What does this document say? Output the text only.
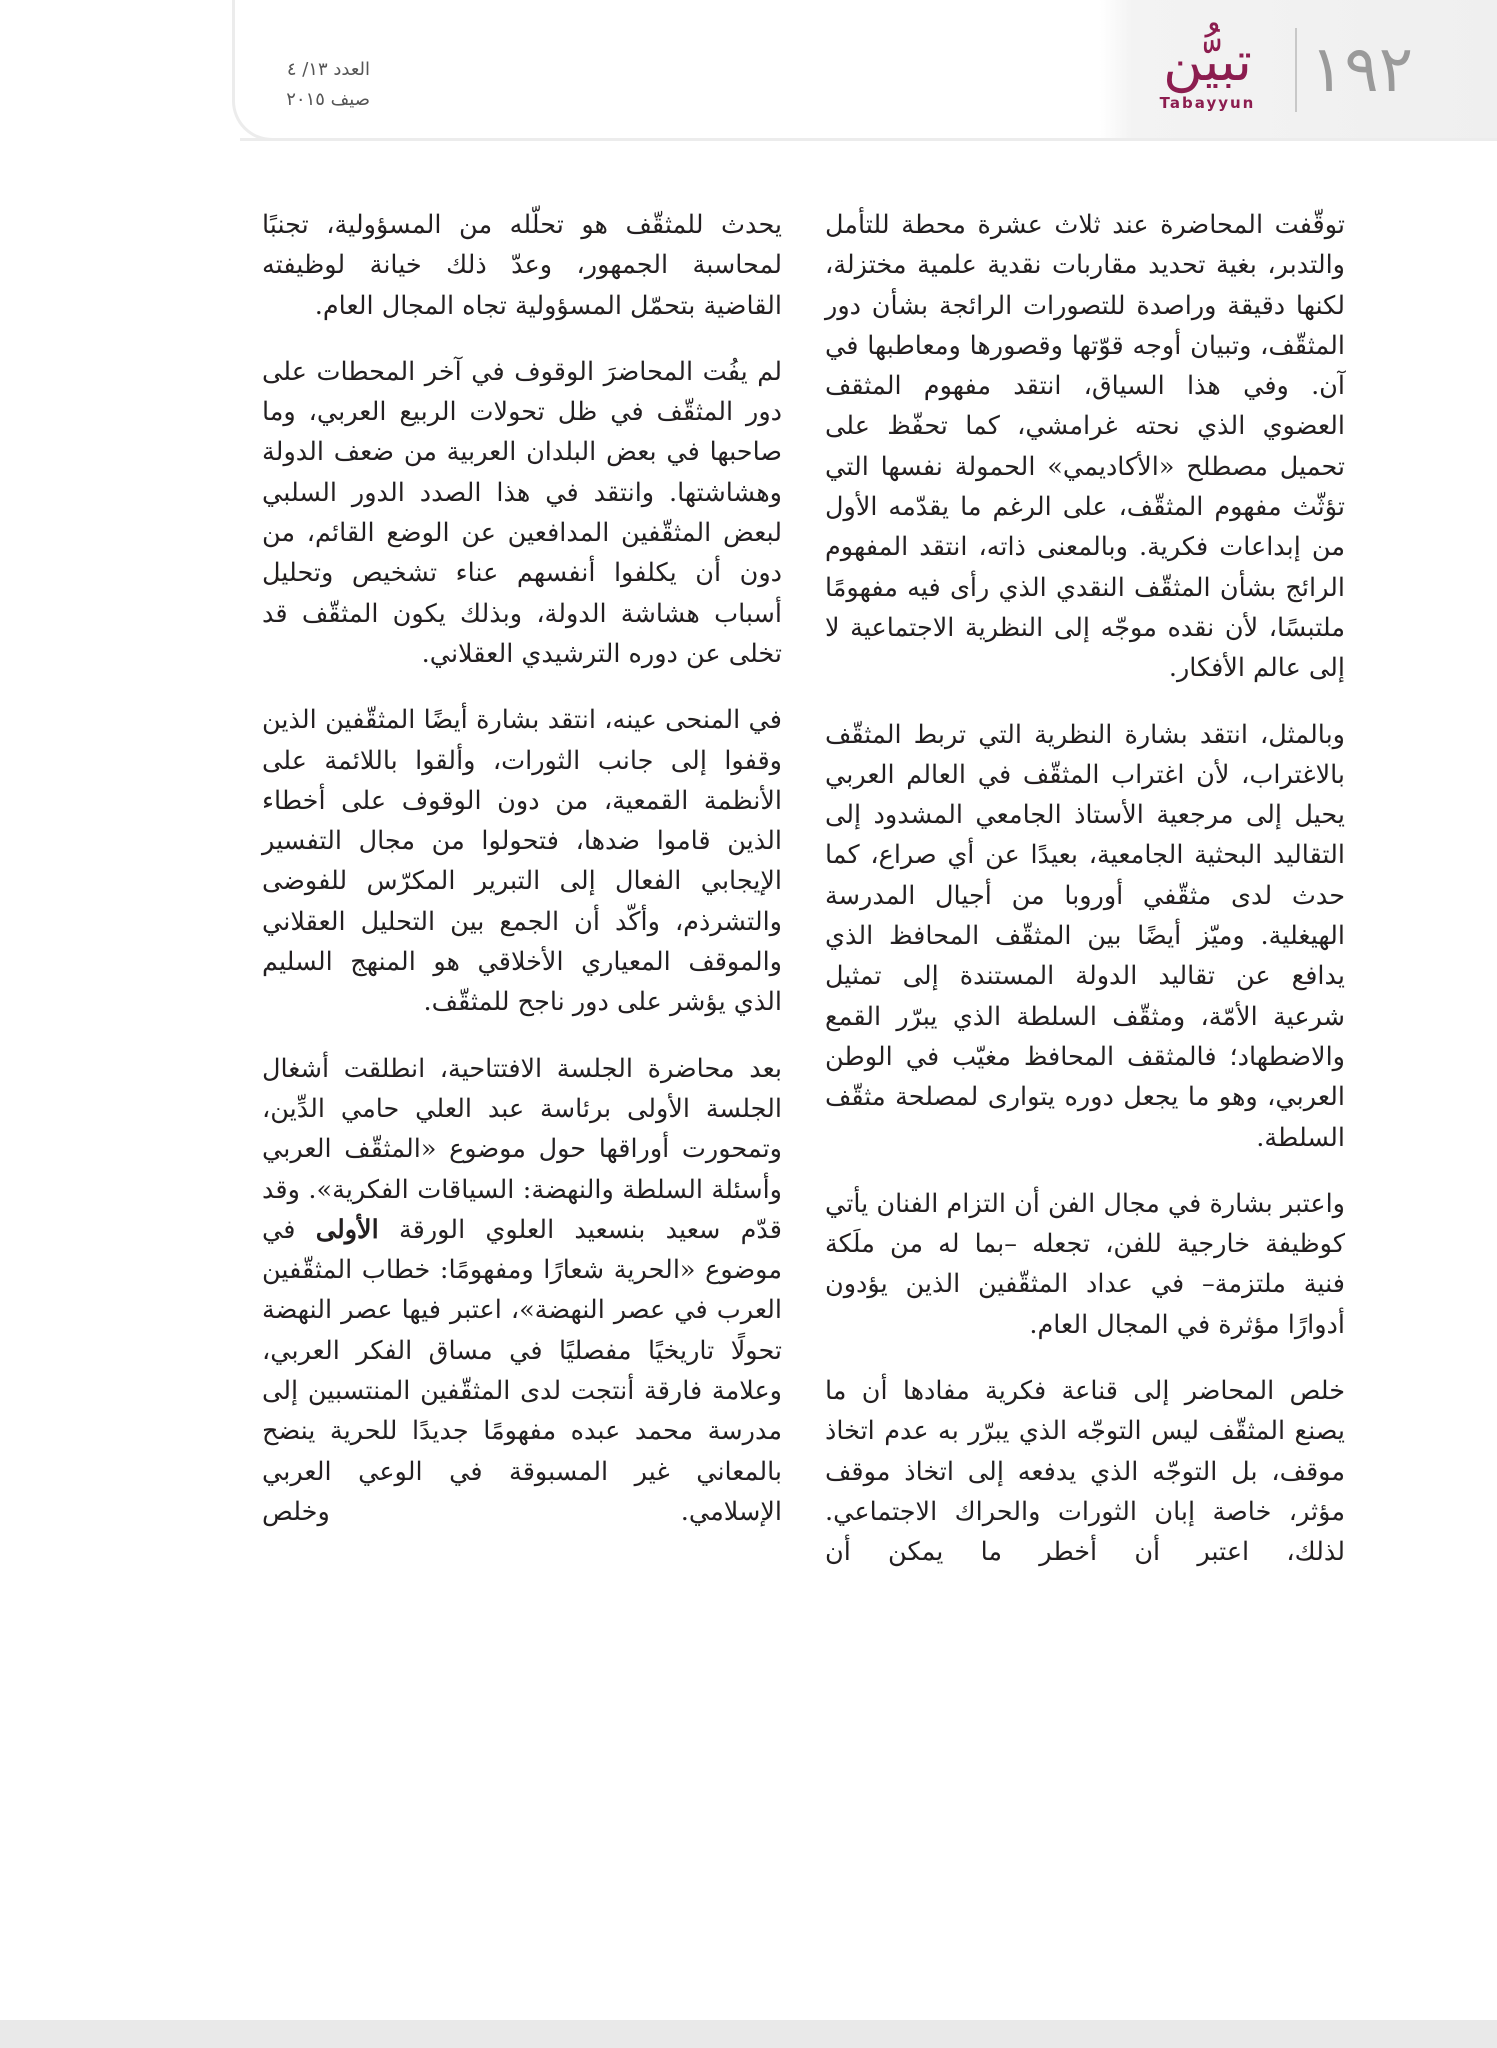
١٩٢
تبيُّن
Tabayyun
العدد ١٣/ ٤
صيف ٢٠١٥

توقّفت المحاضرة عند ثلاث عشرة محطة للتأمل والتدبر، بغية تحديد مقاربات نقدية علمية مختزلة، لكنها دقيقة وراصدة للتصورات الرائجة بشأن دور المثقّف، وتبيان أوجه قوّتها وقصورها ومعاطبها في آن. وفي هذا السياق، انتقد مفهوم المثقف العضوي الذي نحته غرامشي، كما تحفّظ على تحميل مصطلح «الأكاديمي» الحمولة نفسها التي تؤثّث مفهوم المثقّف، على الرغم ما يقدّمه الأول من إبداعات فكرية. وبالمعنى ذاته، انتقد المفهوم الرائج بشأن المثقّف النقدي الذي رأى فيه مفهومًا ملتبسًا، لأن نقده موجّه إلى النظرية الاجتماعية لا إلى عالم الأفكار.

وبالمثل، انتقد بشارة النظرية التي تربط المثقّف بالاغتراب، لأن اغتراب المثقّف في العالم العربي يحيل إلى مرجعية الأستاذ الجامعي المشدود إلى التقاليد البحثية الجامعية، بعيدًا عن أي صراع، كما حدث لدى مثقّفي أوروبا من أجيال المدرسة الهيغلية. وميّز أيضًا بين المثقّف المحافظ الذي يدافع عن تقاليد الدولة المستندة إلى تمثيل شرعية الأمّة، ومثقّف السلطة الذي يبرّر القمع والاضطهاد؛ فالمثقف المحافظ مغيّب في الوطن العربي، وهو ما يجعل دوره يتوارى لمصلحة مثقّف السلطة.

واعتبر بشارة في مجال الفن أن التزام الفنان يأتي كوظيفة خارجية للفن، تجعله –بما له من ملَكة فنية ملتزمة– في عداد المثقّفين الذين يؤدون أدوارًا مؤثرة في المجال العام.

خلص المحاضر إلى قناعة فكرية مفادها أن ما يصنع المثقّف ليس التوجّه الذي يبرّر به عدم اتخاذ موقف، بل التوجّه الذي يدفعه إلى اتخاذ موقف مؤثر، خاصة إبان الثورات والحراك الاجتماعي. لذلك، اعتبر أن أخطر ما يمكن أن

يحدث للمثقّف هو تحلّله من المسؤولية، تجنبًا لمحاسبة الجمهور، وعدّ ذلك خيانة لوظيفته القاضية بتحمّل المسؤولية تجاه المجال العام.

لم يفُت المحاضرَ الوقوف في آخر المحطات على دور المثقّف في ظل تحولات الربيع العربي، وما صاحبها في بعض البلدان العربية من ضعف الدولة وهشاشتها. وانتقد في هذا الصدد الدور السلبي لبعض المثقّفين المدافعين عن الوضع القائم، من دون أن يكلفوا أنفسهم عناء تشخيص وتحليل أسباب هشاشة الدولة، وبذلك يكون المثقّف قد تخلى عن دوره الترشيدي العقلاني.

في المنحى عينه، انتقد بشارة أيضًا المثقّفين الذين وقفوا إلى جانب الثورات، وألقوا باللائمة على الأنظمة القمعية، من دون الوقوف على أخطاء الذين قاموا ضدها، فتحولوا من مجال التفسير الإيجابي الفعال إلى التبرير المكرّس للفوضى والتشرذم، وأكّد أن الجمع بين التحليل العقلاني والموقف المعياري الأخلاقي هو المنهج السليم الذي يؤشر على دور ناجح للمثقّف.

بعد محاضرة الجلسة الافتتاحية، انطلقت أشغال الجلسة الأولى برئاسة عبد العلي حامي الدِّين، وتمحورت أوراقها حول موضوع «المثقّف العربي وأسئلة السلطة والنهضة: السياقات الفكرية». وقد قدّم سعيد بنسعيد العلوي الورقة الأولى في موضوع «الحرية شعارًا ومفهومًا: خطاب المثقّفين العرب في عصر النهضة»، اعتبر فيها عصر النهضة تحولًا تاريخيًا مفصليًا في مساق الفكر العربي، وعلامة فارقة أنتجت لدى المثقّفين المنتسبين إلى مدرسة محمد عبده مفهومًا جديدًا للحرية ينضح بالمعاني غير المسبوقة في الوعي العربي الإسلامي. وخلص
